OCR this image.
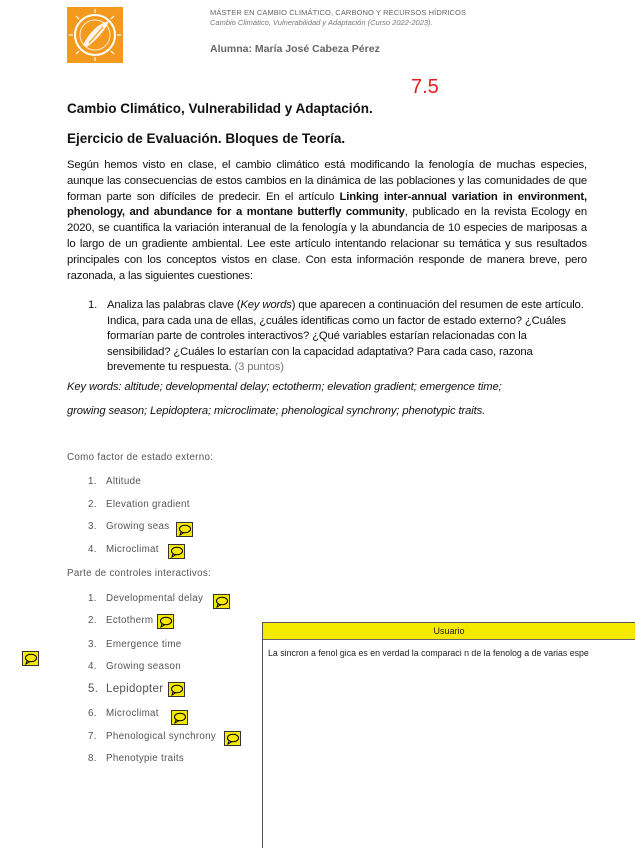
MÁSTER EN CAMBIO CLIMÁTICO, CARBONO Y RECURSOS HÍDRICOS
Cambio Climático, Vulnerabilidad y Adaptación (Curso 2022-2023).
Alumna: María José Cabeza Pérez
7.5
Cambio Climático, Vulnerabilidad y Adaptación.
Ejercicio de Evaluación. Bloques de Teoría.
Según hemos visto en clase, el cambio climático está modificando la fenología de muchas especies, aunque las consecuencias de estos cambios en la dinámica de las poblaciones y las comunidades de que forman parte son difíciles de predecir. En el artículo Linking inter-annual variation in environment, phenology, and abundance for a montane butterfly community, publicado en la revista Ecology en 2020, se cuantifica la variación interanual de la fenología y la abundancia de 10 especies de mariposas a lo largo de un gradiente ambiental. Lee este artículo intentando relacionar su temática y sus resultados principales con los conceptos vistos en clase. Con esta información responde de manera breve, pero razonada, a las siguientes cuestiones:
1. Analiza las palabras clave (Key words) que aparecen a continuación del resumen de este artículo. Indica, para cada una de ellas, ¿cuáles identificas como un factor de estado externo? ¿Cuáles formarían parte de controles interactivos? ¿Qué variables estarían relacionadas con la sensibilidad? ¿Cuáles lo estarían con la capacidad adaptativa? Para cada caso, razona brevemente tu respuesta. (3 puntos)
Key words: altitude; developmental delay; ectotherm; elevation gradient; emergence time;
growing season; Lepidoptera; microclimate; phenological synchrony; phenotypic traits.
Como factor de estado externo:
1. Altitude
2. Elevation gradient
3. Growing seas
4. Microclimat
Parte de controles interactivos:
1. Developmental delay
2. Ectotherm
3. Emergence time
4. Growing season
5. Lepidopter
6. Microclimat
7. Phenological synchrony
8. Phenotypie traits
Usuario
La sincron a fenol gica es en verdad la comparaci n de la fenolog a de varias espe
